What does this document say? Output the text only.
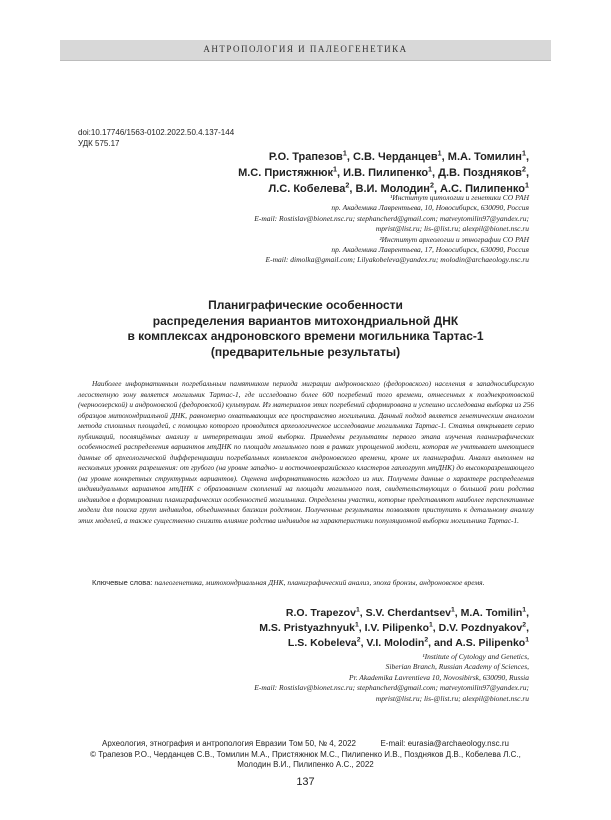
АНТРОПОЛОГИЯ И ПАЛЕОГЕНЕТИКА
doi:10.17746/1563-0102.2022.50.4.137-144
УДК 575.17
Р.О. Трапезов$^1$, С.В. Черданцев$^1$, М.А. Томилин$^1$,
М.С. Пристяжнюк$^1$, И.В. Пилипенко$^1$, Д.В. Поздняков$^2$,
Л.С. Кобелева$^2$, В.И. Молодин$^2$, А.С. Пилипенко$^1$
¹Институт цитологии и генетики СО РАН
пр. Академика Лаврентьева, 10, Новосибирск, 630090, Россия
E-mail: Rostislav@bionet.nsc.ru; stephancherd@gmail.com; matveytomilin97@yandex.ru;
mprist@list.ru; lis-@list.ru; alexpil@bionet.nsc.ru
²Институт археологии и этнографии СО РАН
пр. Академика Лаврентьева, 17, Новосибирск, 630090, Россия
E-mail: dimolka@gmail.com; Lilyakobeleva@yandex.ru; molodin@archaeology.nsc.ru
Планиграфические особенности
распределения вариантов митохондриальной ДНК
в комплексах андроновского времени могильника Тартас-1
(предварительные результаты)

Наиболее информативным погребальным памятником периода миграции андроновского (федоровского) населения в западносибирскую лесостепную зону является могильник Тартас-1, где исследовано более 600 погребений того времени, отнесенных к позднекротовской (черноозерской) и андроновской (федоровской) культурам. Из материалов этих погребений сформирована и успешно исследована выборка из 256 образцов митохондриальной ДНК, равномерно охватывающих все пространство могильника. Данный подход является генетическим аналогом метода сплошных площадей, с помощью которого проводится археологическое исследование могильника Тартас-1. Статья открывает серию публикаций, посвящённых анализу и интерпретации этой выборки. Приведены результаты первого этапа изучения планиграфических особенностей распределения вариантов мтДНК по площади могильного поля в рамках упрощенной модели, которая не учитывает имеющиеся данные об археологической дифференциации погребальных комплексов андроновского времени, кроме их планиграфии. Анализ выполнен на нескольких уровнях разрешения: от грубого (на уровне западно- и восточноевразийского кластеров гаплогрупп мтДНК) до высокоразрешающего (на уровне конкретных структурных вариантов). Оценена информативность каждого из них. Получены данные о характере распределения индивидуальных вариантов мтДНК с образованием скоплений на площади могильного поля, свидетельствующих о большой роли родства индивидов в формировании планиграфических особенностей могильника. Определены участки, которые представляют наиболее перспективные модели для поиска групп индивидов, объединенных близким родством. Полученные результаты позволяют приступить к детальному анализу этих моделей, а также существенно снизить влияние родства индивидов на характеристики популяционной выборки могильника Тартас-1.

Ключевые слова: палеогенетика, митохондриальная ДНК, планиграфический анализ, эпоха бронзы, андроновское время.
R.O. Trapezov$^1$, S.V. Cherdantsev$^1$, M.A. Tomilin$^1$,
M.S. Pristyazhnyuk$^1$, I.V. Pilipenko$^1$, D.V. Pozdnyakov$^2$,
L.S. Kobeleva$^2$, V.I. Molodin$^2$, and A.S. Pilipenko$^1$
¹Institute of Cytology and Genetics,
Siberian Branch, Russian Academy of Sciences,
Pr. Akademika Lavrentieva 10, Novosibirsk, 630090, Russia
E-mail: Rostislav@bionet.nsc.ru; stephancherd@gmail.com; matveytomilin97@yandex.ru;
mprist@list.ru; lis-@list.ru; alexpil@bionet.nsc.ru
Археология, этнография и антропология Евразии Том 50, № 4, 2022	E-mail: eurasia@archaeology.nsc.ru
© Трапезов Р.О., Черданцев С.В., Томилин М.А., Пристяжнюк М.С., Пилипенко И.В., Поздняков Д.В., Кобелева Л.С.,
Молодин В.И., Пилипенко А.С., 2022
137
